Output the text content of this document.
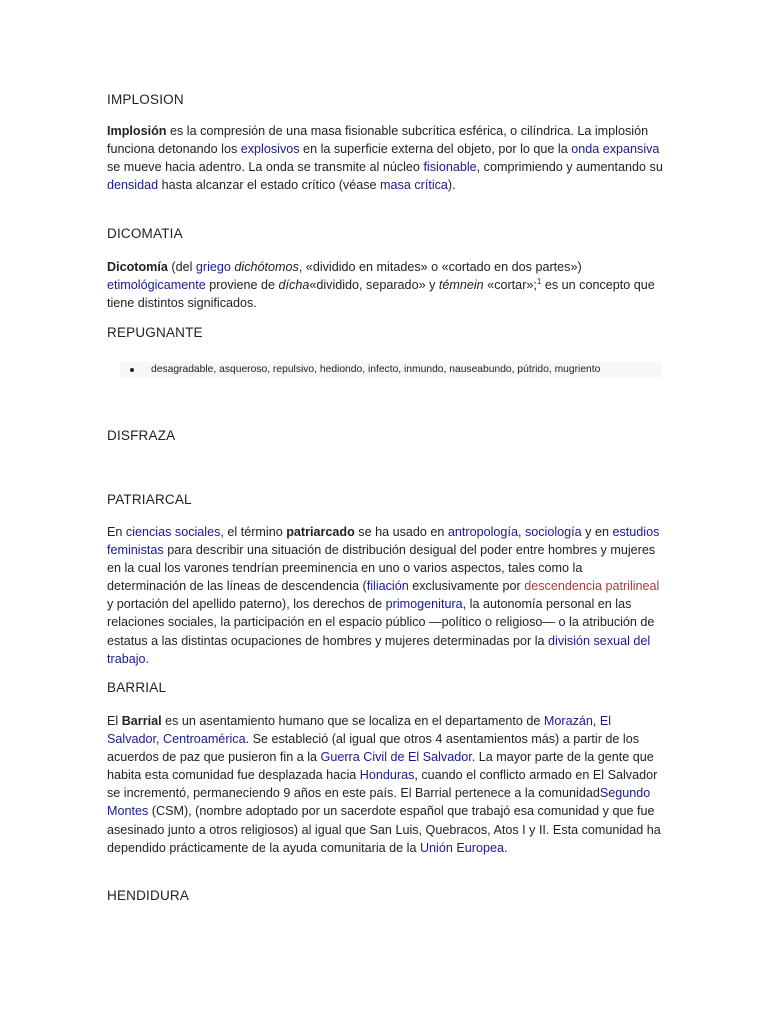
IMPLOSION

Implosión es la compresión de una masa fisionable subcrítica esférica, o cilíndrica. La implosión funciona detonando los explosivos en la superficie externa del objeto, por lo que la onda expansiva se mueve hacia adentro. La onda se transmite al núcleo fisionable, comprimiendo y aumentando su densidad hasta alcanzar el estado crítico (véase masa crítica).

DICOMATIA

Dicotomía (del griego dichótomos, «dividido en mitades» o «cortado en dos partes») etimológicamente proviene de dícha«dividido, separado» y témnein «cortar»;$^1$ es un concepto que tiene distintos significados.

REPUGNANTE
desagradable, asqueroso, repulsivo, hediondo, infecto, inmundo, nauseabundo, pútrido, mugriento
DISFRAZA
PATRIARCAL

En ciencias sociales, el término patriarcado se ha usado en antropología, sociología y en estudios feministas para describir una situación de distribución desigual del poder entre hombres y mujeres en la cual los varones tendrían preeminencia en uno o varios aspectos, tales como la determinación de las líneas de descendencia (filiación exclusivamente por descendencia patrilineal y portación del apellido paterno), los derechos de primogenitura, la autonomía personal en las relaciones sociales, la participación en el espacio público —político o religioso— o la atribución de estatus a las distintas ocupaciones de hombres y mujeres determinadas por la división sexual del trabajo.

BARRIAL

El Barrial es un asentamiento humano que se localiza en el departamento de Morazán, El Salvador, Centroamérica. Se estableció (al igual que otros 4 asentamientos más) a partir de los acuerdos de paz que pusieron fin a la Guerra Civil de El Salvador. La mayor parte de la gente que habita esta comunidad fue desplazada hacia Honduras, cuando el conflicto armado en El Salvador se incrementó, permaneciendo 9 años en este país. El Barrial pertenece a la comunidadSegundo Montes (CSM), (nombre adoptado por un sacerdote español que trabajó esa comunidad y que fue asesinado junto a otros religiosos) al igual que San Luis, Quebracos, Atos I y II. Esta comunidad ha dependido prácticamente de la ayuda comunitaria de la Unión Europea.

HENDIDURA
